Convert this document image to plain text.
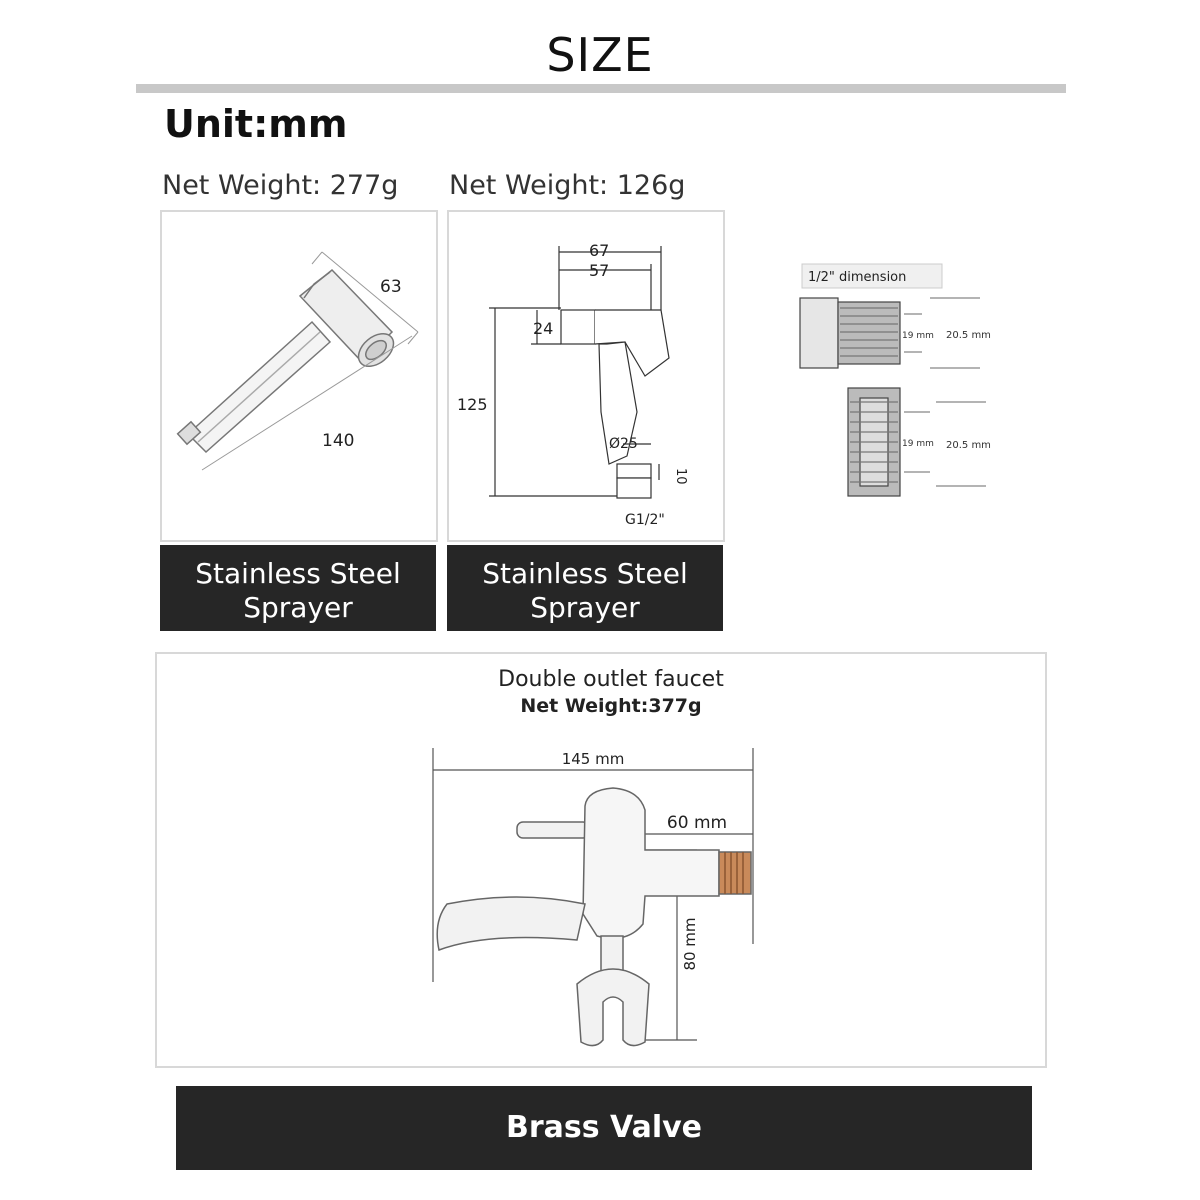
SIZE
Unit:mm
Net Weight: 277g
63
140
Stainless Steel
Sprayer
Net Weight: 126g
67
57
24
125
Ø25
10
G1/2"
Stainless Steel
Sprayer
1/2" dimension
19 mm 20.5 mm
19 mm 20.5 mm
Double outlet faucet
Net Weight:377g
145 mm
60 mm
80 mm
Brass Valve
